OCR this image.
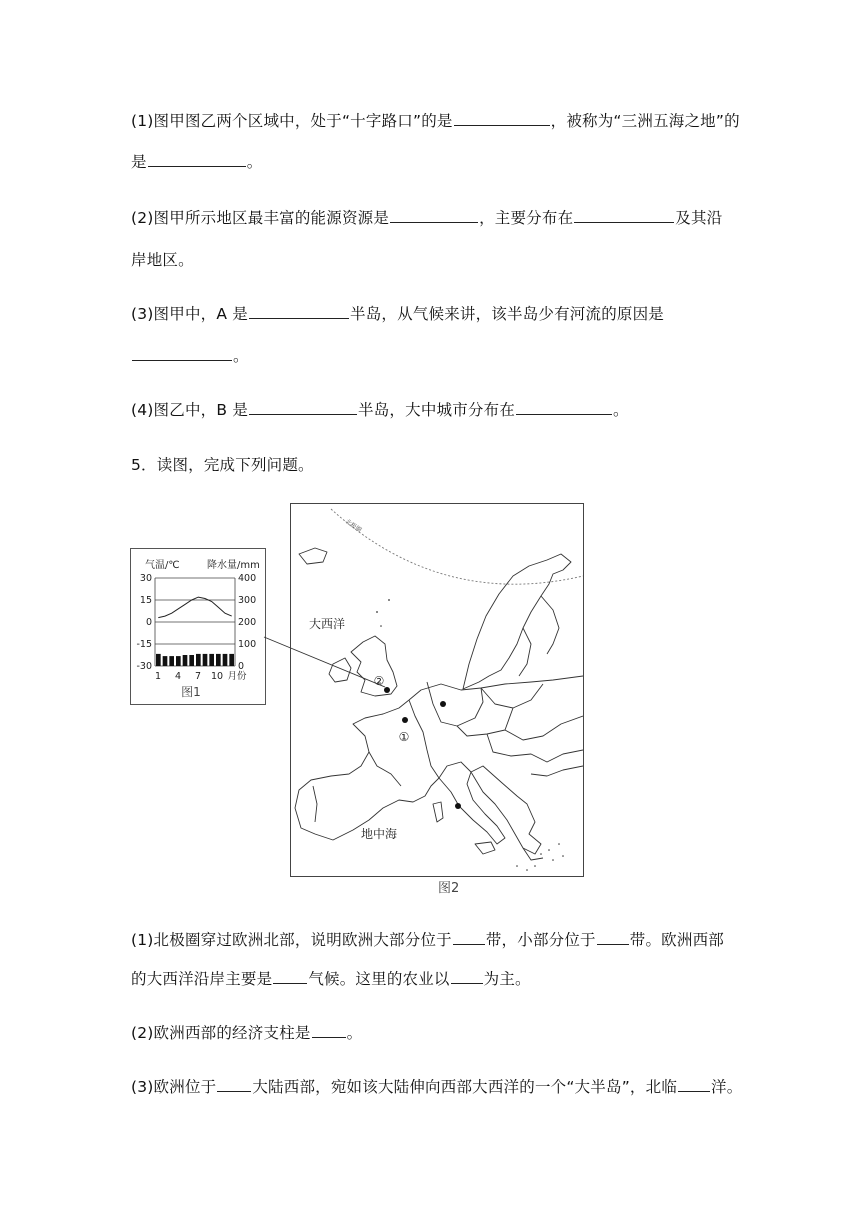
(1)图甲图乙两个区域中，处于“十字路口”的是	，被称为“三洲五海之地”的
是	。
(2)图甲所示地区最丰富的能源资源是	，主要分布在	及其沿
岸地区。
(3)图甲中，A 是	半岛，从气候来讲，该半岛少有河流的原因是
。
(4)图乙中，B 是	半岛，大中城市分布在	。
5．读图，完成下列问题。
气温/℃	降水量/mm
30
15
0
-15
-30
400
300
200
100
0
1 4 7 10 月份
图1
北极圈
②
①
大西洋
地中海
图2
(1)北极圈穿过欧洲北部，说明欧洲大部分位于 带，小部分位于 带。欧洲西部
的大西洋沿岸主要是 气候。这里的农业以 为主。
(2)欧洲西部的经济支柱是 。
(3)欧洲位于 大陆西部，宛如该大陆伸向西部大西洋的一个“大半岛”，北临 洋。
